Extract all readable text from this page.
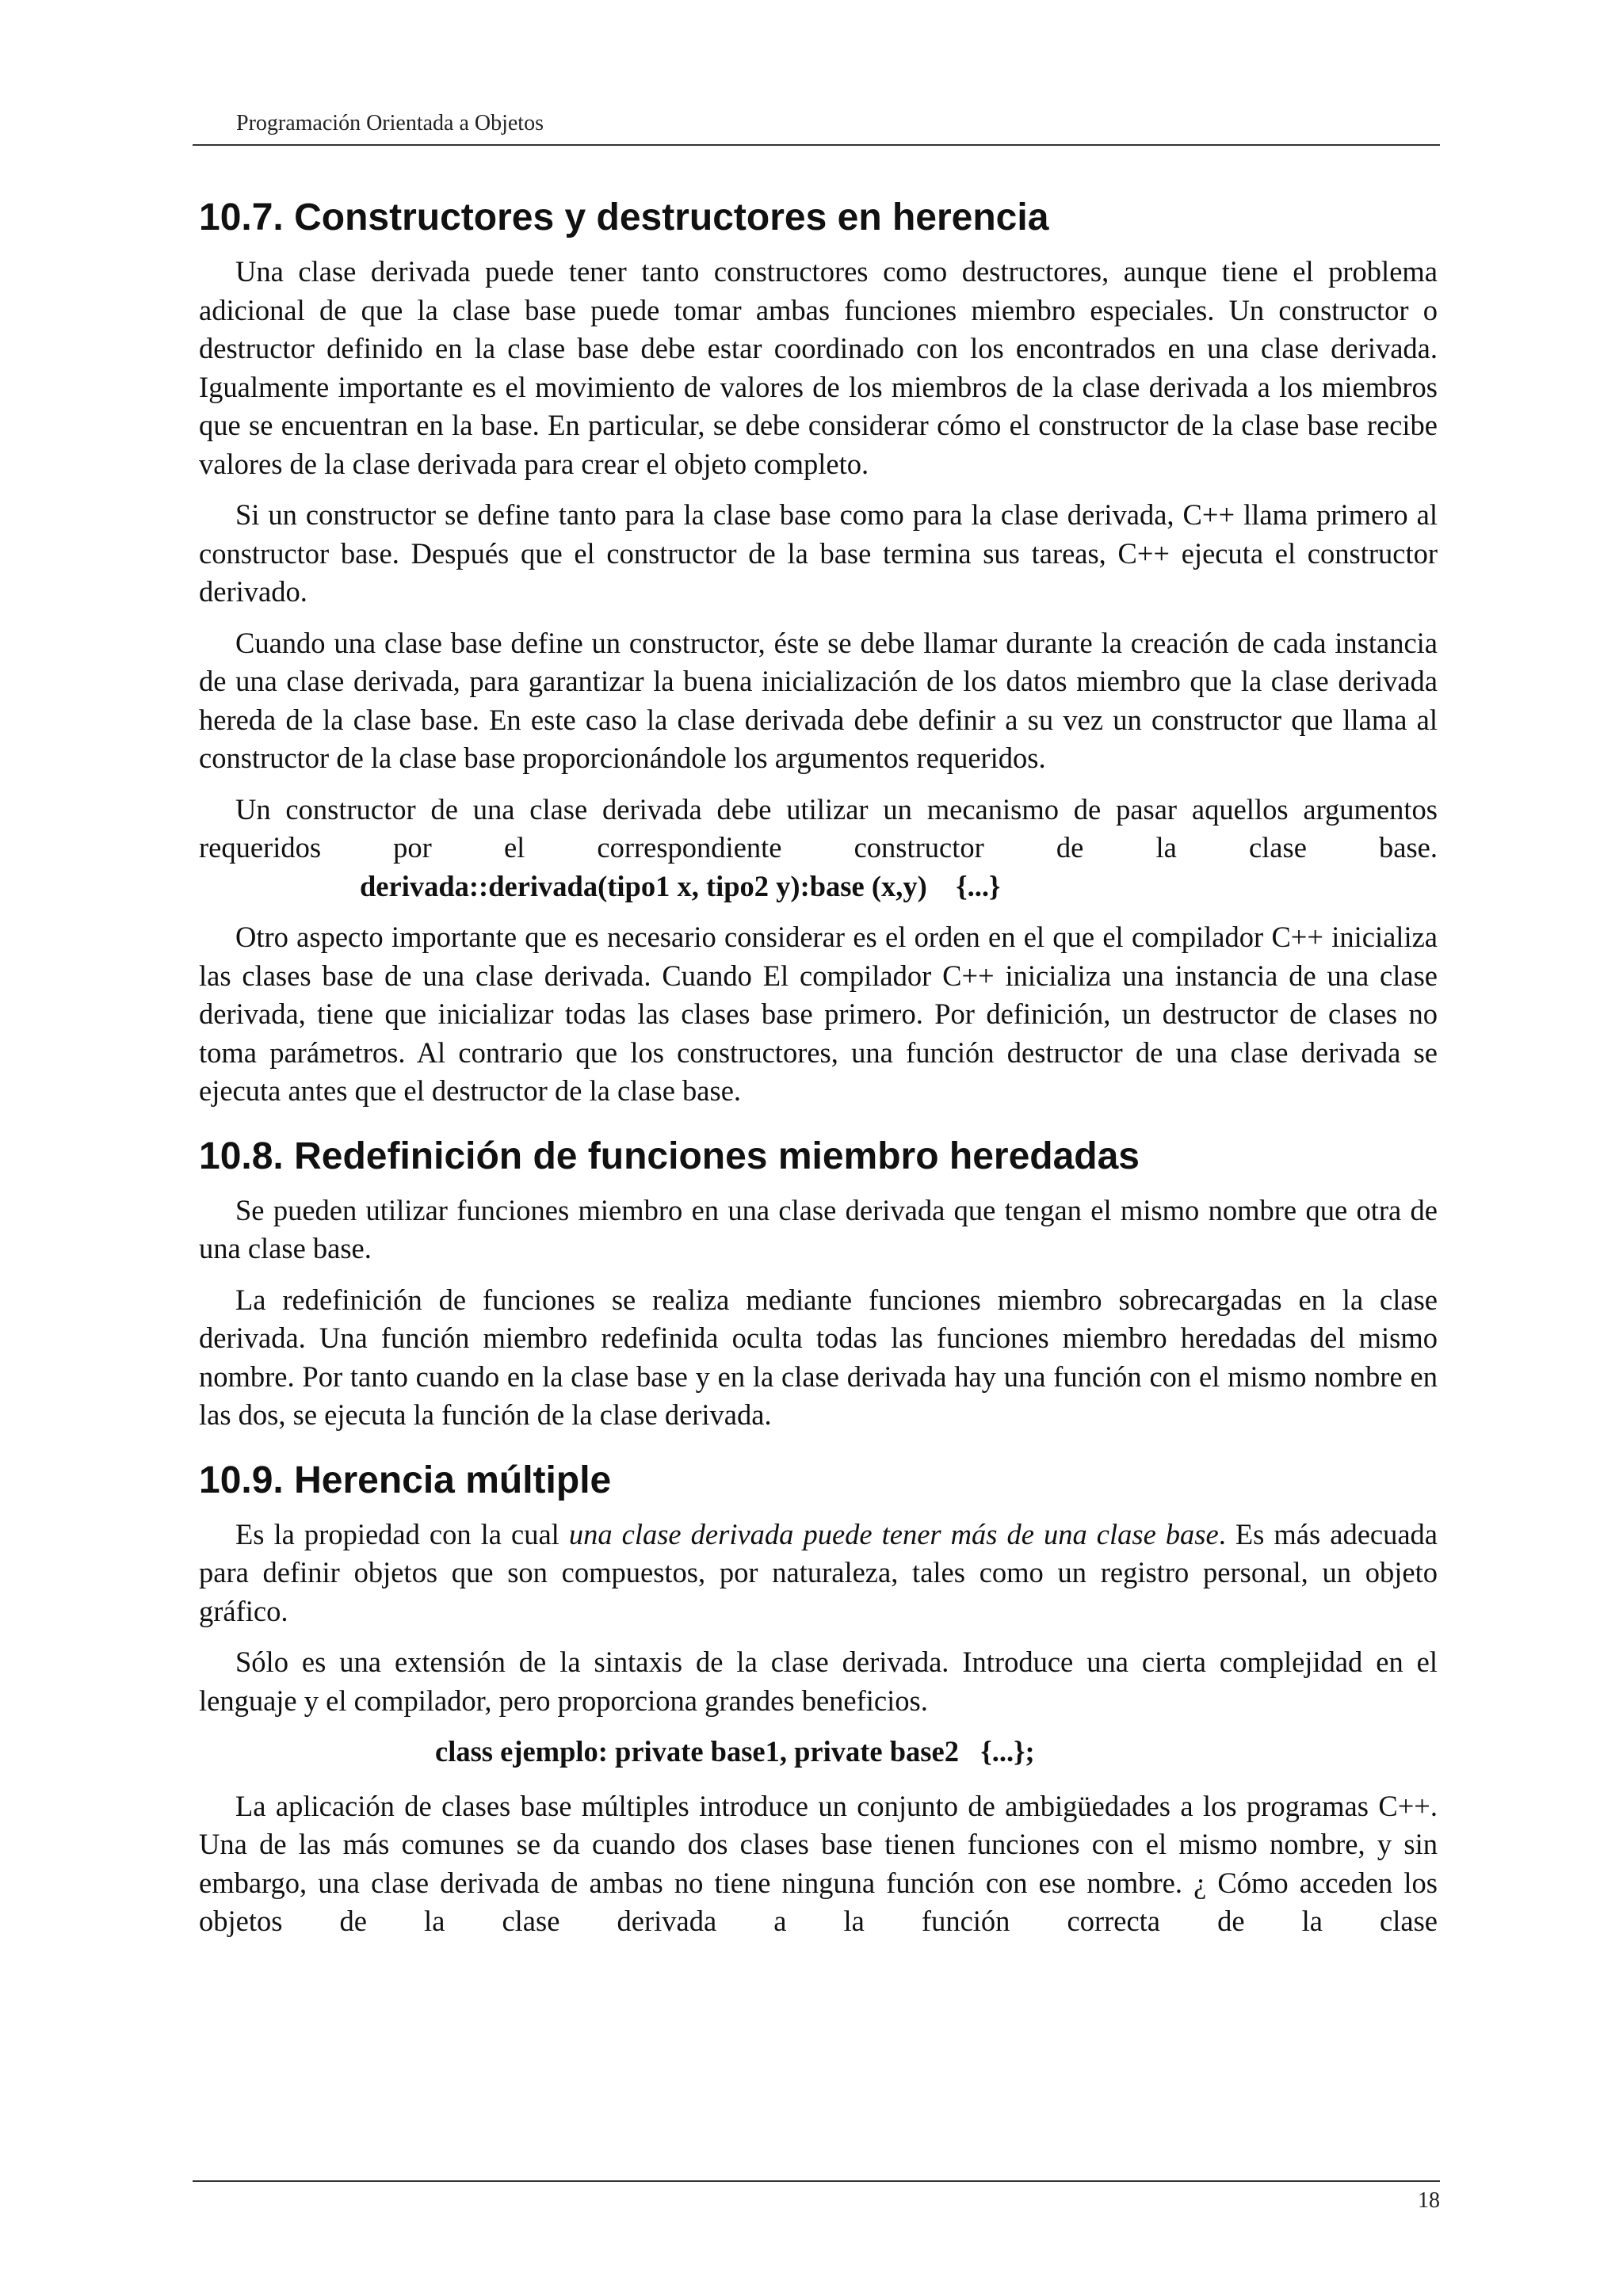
Programación Orientada a Objetos
10.7. Constructores y destructores en herencia

Una clase derivada puede tener tanto constructores como destructores, aunque tiene el problema adicional de que la clase base puede tomar ambas funciones miembro especiales. Un constructor o destructor definido en la clase base debe estar coordinado con los encontrados en una clase derivada. Igualmente importante es el movimiento de valores de los miembros de la clase derivada a los miembros que se encuentran en la base. En particular, se debe considerar cómo el constructor de la clase base recibe valores de la clase derivada para crear el objeto completo.

Si un constructor se define tanto para la clase base como para la clase derivada, C++ llama primero al constructor base. Después que el constructor de la base termina sus tareas, C++ ejecuta el constructor derivado.

Cuando una clase base define un constructor, éste se debe llamar durante la creación de cada instancia de una clase derivada, para garantizar la buena inicialización de los datos miembro que la clase derivada hereda de la clase base. En este caso la clase derivada debe definir a su vez un constructor que llama al constructor de la clase base proporcionándole los argumentos requeridos.

Un constructor de una clase derivada debe utilizar un mecanismo de pasar aquellos argumentos requeridos por el correspondiente constructor de la clase base.

derivada::derivada(tipo1 x, tipo2 y):base (x,y)    {...}

Otro aspecto importante que es necesario considerar es el orden en el que el compilador C++ inicializa las clases base de una clase derivada. Cuando El compilador C++ inicializa una instancia de una clase derivada, tiene que inicializar todas las clases base primero. Por definición, un destructor de clases no toma parámetros. Al contrario que los constructores, una función destructor de una clase derivada se ejecuta antes que el destructor de la clase base.

10.8. Redefinición de funciones miembro heredadas

Se pueden utilizar funciones miembro en una clase derivada que tengan el mismo nombre que otra de una clase base.

La redefinición de funciones se realiza mediante funciones miembro sobrecargadas en la clase derivada. Una función miembro redefinida oculta todas las funciones miembro heredadas del mismo nombre. Por tanto cuando en la clase base y en la clase derivada hay una función con el mismo nombre en las dos, se ejecuta la función de la clase derivada.

10.9. Herencia múltiple

Es la propiedad con la cual una clase derivada puede tener más de una clase base. Es más adecuada para definir objetos que son compuestos, por naturaleza, tales como un registro personal, un objeto gráfico.

Sólo es una extensión de la sintaxis de la clase derivada. Introduce una cierta complejidad en el lenguaje y el compilador, pero proporciona grandes beneficios.

class ejemplo: private base1, private base2   {...};

La aplicación de clases base múltiples introduce un conjunto de ambigüedades a los programas C++. Una de las más comunes se da cuando dos clases base tienen funciones con el mismo nombre, y sin embargo, una clase derivada de ambas no tiene ninguna función con ese nombre. ¿ Cómo acceden los objetos de la clase derivada a la función correcta de la clase

18
